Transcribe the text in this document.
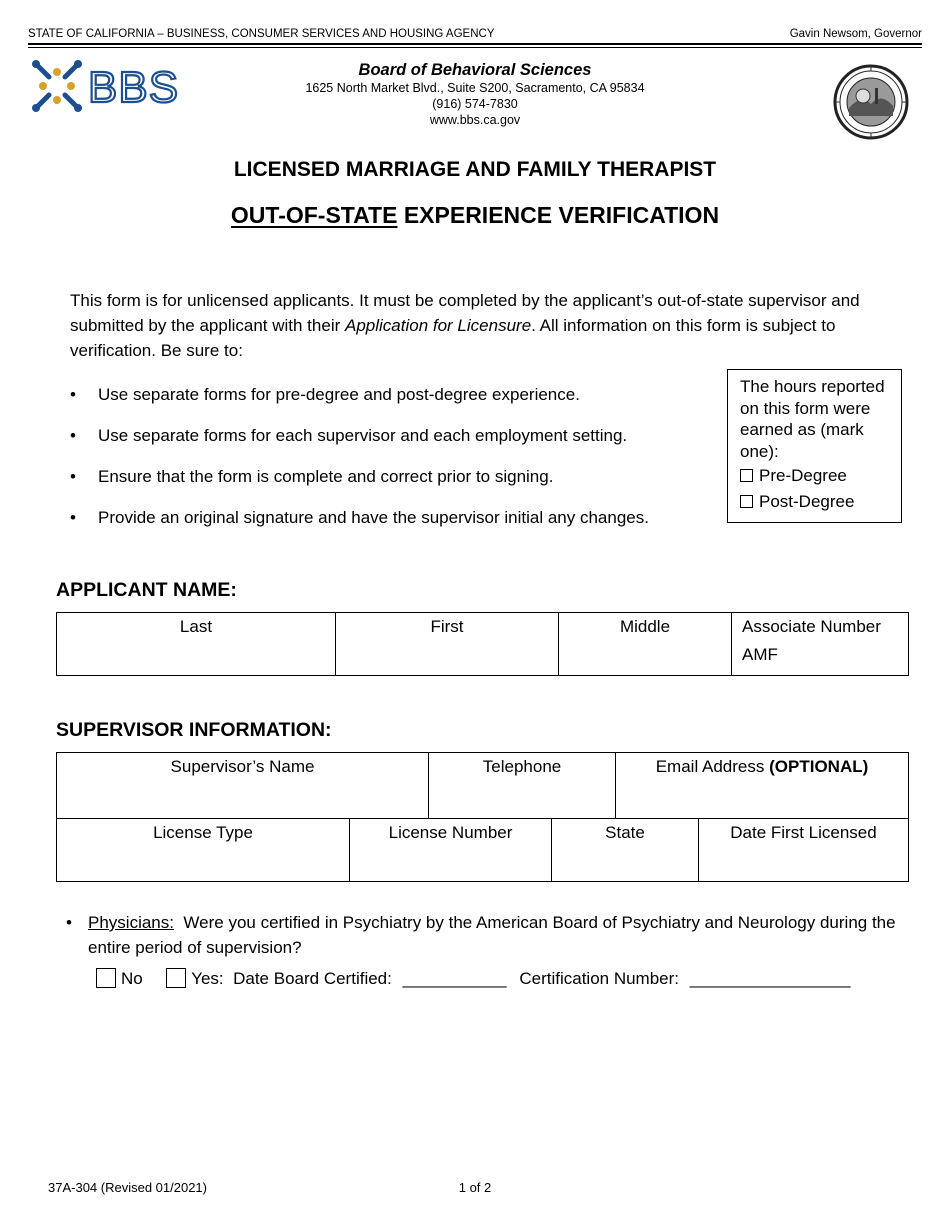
STATE OF CALIFORNIA – BUSINESS, CONSUMER SERVICES AND HOUSING AGENCY	Gavin Newsom, Governor
BBS	Board of Behavioral Sciences
1625 North Market Blvd., Suite S200, Sacramento, CA 95834
(916) 574-7830
www.bbs.ca.gov
LICENSED MARRIAGE AND FAMILY THERAPIST
OUT-OF-STATE EXPERIENCE VERIFICATION
This form is for unlicensed applicants. It must be completed by the applicant’s out-of-state supervisor and submitted by the applicant with their Application for Licensure. All information on this form is subject to verification. Be sure to:
• Use separate forms for pre-degree and post-degree experience.
• Use separate forms for each supervisor and each employment setting.
• Ensure that the form is complete and correct prior to signing.
• Provide an original signature and have the supervisor initial any changes.
The hours reported on this form were earned as (mark one):
Pre-Degree
Post-Degree
APPLICANT NAME:
Last	First	Middle	Associate Number
AMF
SUPERVISOR INFORMATION:
Supervisor’s Name	Telephone	Email Address (OPTIONAL)
License Type	License Number	State	Date First Licensed
• Physicians:  Were you certified in Psychiatry by the American Board of Psychiatry and Neurology during the entire period of supervision?
No	Yes:  Date Board Certified: ___________ Certification Number: _________________
37A-304 (Revised 01/2021)	1 of 2
